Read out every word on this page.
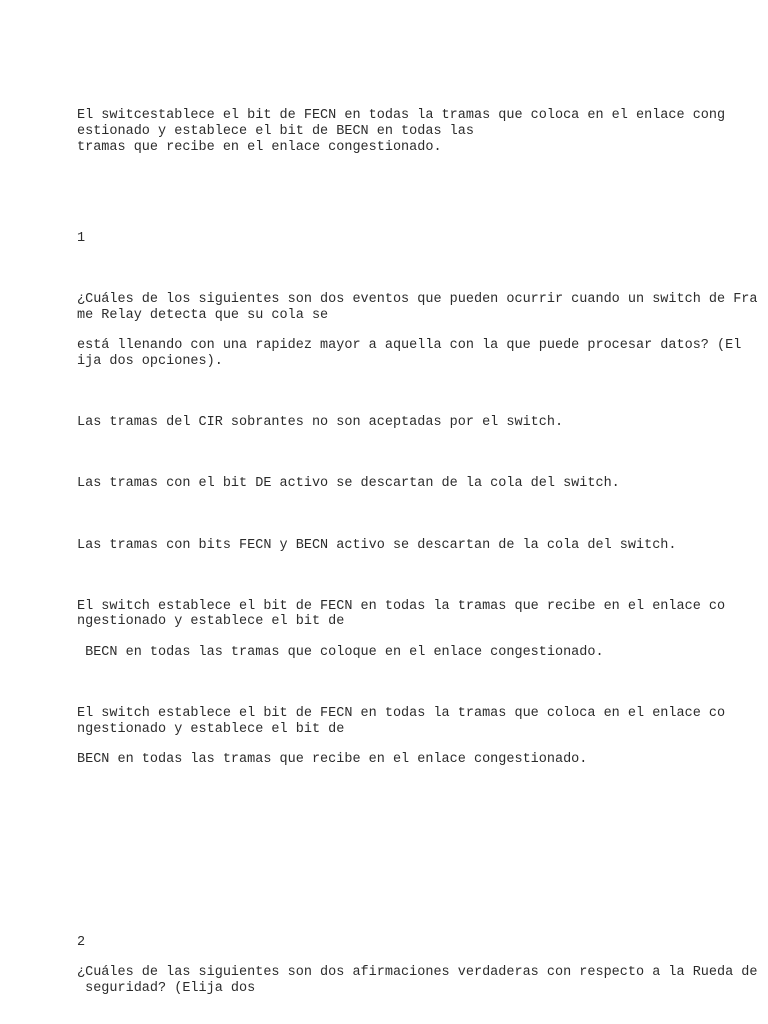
El switcestablece el bit de FECN en todas la tramas que coloca en el enlace cong
estionado y establece el bit de BECN en todas las
tramas que recibe en el enlace congestionado.
1
¿Cuáles de los siguientes son dos eventos que pueden ocurrir cuando un switch de Fra
me Relay detecta que su cola se
está llenando con una rapidez mayor a aquella con la que puede procesar datos? (El
ija dos opciones).
Las tramas del CIR sobrantes no son aceptadas por el switch.
Las tramas con el bit DE activo se descartan de la cola del switch.
Las tramas con bits FECN y BECN activo se descartan de la cola del switch.
El switch establece el bit de FECN en todas la tramas que recibe en el enlace co
ngestionado y establece el bit de
BECN en todas las tramas que coloque en el enlace congestionado.
El switch establece el bit de FECN en todas la tramas que coloca en el enlace co
ngestionado y establece el bit de
BECN en todas las tramas que recibe en el enlace congestionado.
2
¿Cuáles de las siguientes son dos afirmaciones verdaderas con respecto a la Rueda de
seguridad? (Elija dos
